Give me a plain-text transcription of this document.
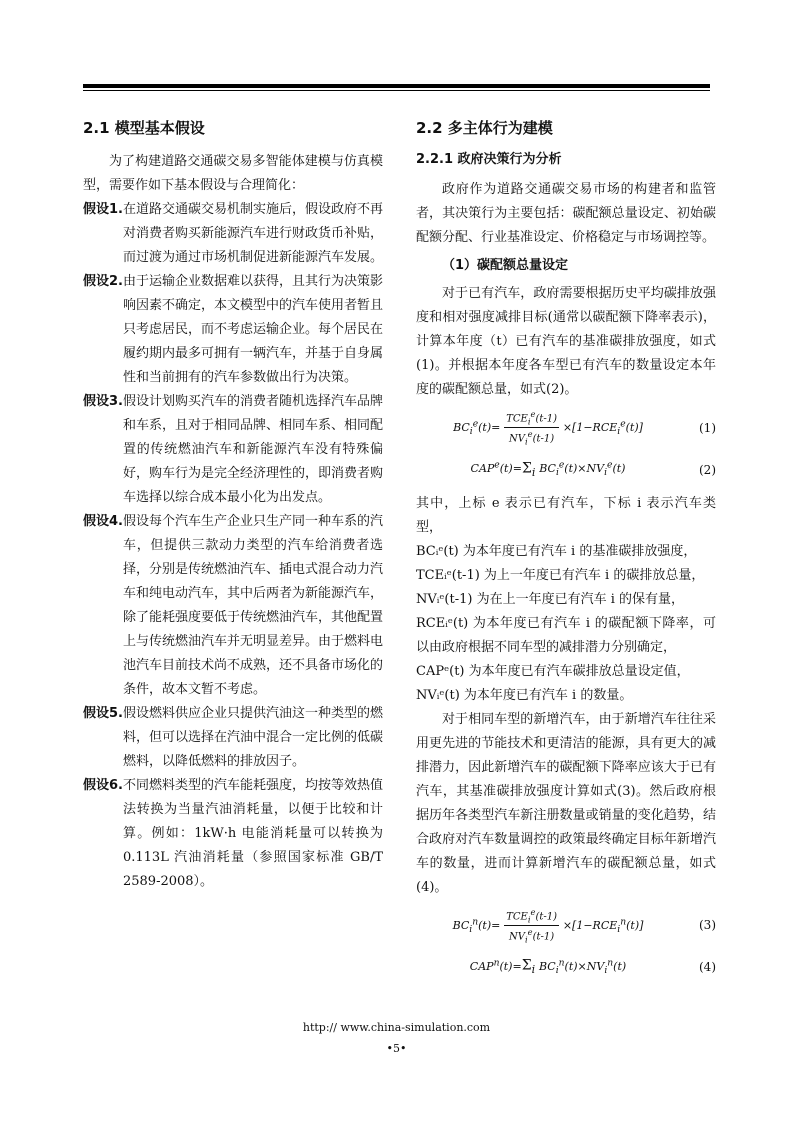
2.1 模型基本假设

为了构建道路交通碳交易多智能体建模与仿真模型，需要作如下基本假设与合理简化：

假设1. 在道路交通碳交易机制实施后，假设政府不再对消费者购买新能源汽车进行财政货币补贴，而过渡为通过市场机制促进新能源汽车发展。
假设2. 由于运输企业数据难以获得，且其行为决策影响因素不确定，本文模型中的汽车使用者暂且只考虑居民，而不考虑运输企业。每个居民在履约期内最多可拥有一辆汽车，并基于自身属性和当前拥有的汽车参数做出行为决策。
假设3. 假设计划购买汽车的消费者随机选择汽车品牌和车系，且对于相同品牌、相同车系、相同配置的传统燃油汽车和新能源汽车没有特殊偏好，购车行为是完全经济理性的，即消费者购车选择以综合成本最小化为出发点。
假设4. 假设每个汽车生产企业只生产同一种车系的汽车，但提供三款动力类型的汽车给消费者选择，分别是传统燃油汽车、插电式混合动力汽车和纯电动汽车，其中后两者为新能源汽车，除了能耗强度要低于传统燃油汽车，其他配置上与传统燃油汽车并无明显差异。由于燃料电池汽车目前技术尚不成熟，还不具备市场化的条件，故本文暂不考虑。
假设5. 假设燃料供应企业只提供汽油这一种类型的燃料，但可以选择在汽油中混合一定比例的低碳燃料，以降低燃料的排放因子。
假设6. 不同燃料类型的汽车能耗强度，均按等效热值法转换为当量汽油消耗量，以便于比较和计算。例如：1kW·h 电能消耗量可以转换为 0.113L 汽油消耗量（参照国家标准 GB/T 2589-2008）。
2.2 多主体行为建模
2.2.1 政府决策行为分析

政府作为道路交通碳交易市场的构建者和监管者，其决策行为主要包括：碳配额总量设定、初始碳配额分配、行业基准设定、价格稳定与市场调控等。

（1）碳配额总量设定

对于已有汽车，政府需要根据历史平均碳排放强度和相对强度减排目标(通常以碳配额下降率表示)，计算本年度（t）已有汽车的基准碳排放强度，如式(1)。并根据本年度各车型已有汽车的数量设定本年度的碳配额总量，如式(2)。

$BC_i^e(t)= \frac{TCE_i^e(t-1)}{NV_i^e(t-1)} \times[1-RCE_i^e(t)]$	(1)
$CAP^e(t)=\Sigma_i$ $BC_i^e(t)\times NV_i^e(t)$	(2)

其中，上标 e 表示已有汽车，下标 i 表示汽车类型，

BCᵢᵉ(t) 为本年度已有汽车 i 的基准碳排放强度，

TCEᵢᵉ(t-1) 为上一年度已有汽车 i 的碳排放总量，

NVᵢᵉ(t-1) 为在上一年度已有汽车 i 的保有量，

RCEᵢᵉ(t) 为本年度已有汽车 i 的碳配额下降率，可以由政府根据不同车型的减排潜力分别确定，

CAPᵉ(t) 为本年度已有汽车碳排放总量设定值，

NVᵢᵉ(t) 为本年度已有汽车 i 的数量。

对于相同车型的新增汽车，由于新增汽车往往采用更先进的节能技术和更清洁的能源，具有更大的减排潜力，因此新增汽车的碳配额下降率应该大于已有汽车，其基准碳排放强度计算如式(3)。然后政府根据历年各类型汽车新注册数量或销量的变化趋势，结合政府对汽车数量调控的政策最终确定目标年新增汽车的数量，进而计算新增汽车的碳配额总量，如式(4)。

$BC_i^n(t)= \frac{TCE_i^e(t-1)}{NV_i^e(t-1)} \times[1-RCE_i^n(t)]$	(3)
$CAP^n(t)=\Sigma_i$ $BC_i^n(t)\times NV_i^n(t)$	(4)
http:// www.china-simulation.com
•5•
